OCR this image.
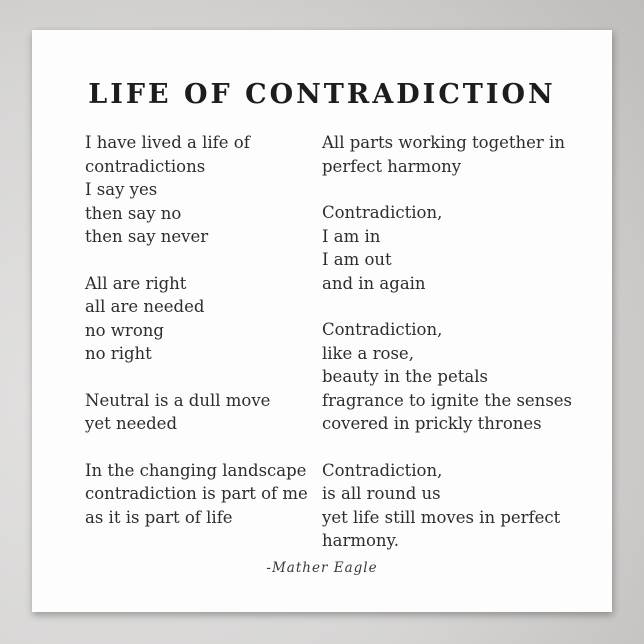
LIFE OF CONTRADICTION
I have lived a life of
contradictions
I say yes
then say no
then say never
All are right
all are needed
no wrong
no right
Neutral is a dull move
yet needed
In the changing landscape
contradiction is part of me
as it is part of life
All parts working together in
perfect harmony
Contradiction,
I am in
I am out
and in again
Contradiction,
like a rose,
beauty in the petals
fragrance to ignite the senses
covered in prickly thrones
Contradiction,
is all round us
yet life still moves in perfect
harmony.
-Mather Eagle
